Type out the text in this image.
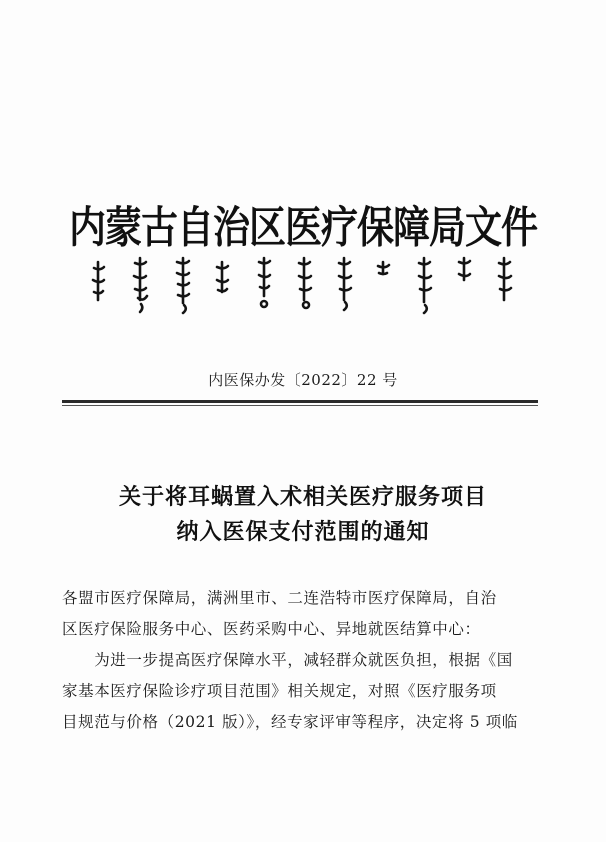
内蒙古自治区医疗保障局文件
内医保办发〔2022〕22 号
关于将耳蜗置入术相关医疗服务项目
纳入医保支付范围的通知
各盟市医疗保障局，满洲里市、二连浩特市医疗保障局，自治
区医疗保险服务中心、医药采购中心、异地就医结算中心：
　　为进一步提高医疗保障水平，减轻群众就医负担，根据《国
家基本医疗保险诊疗项目范围》相关规定，对照《医疗服务项
目规范与价格（2021 版）》，经专家评审等程序，决定将 5 项临
